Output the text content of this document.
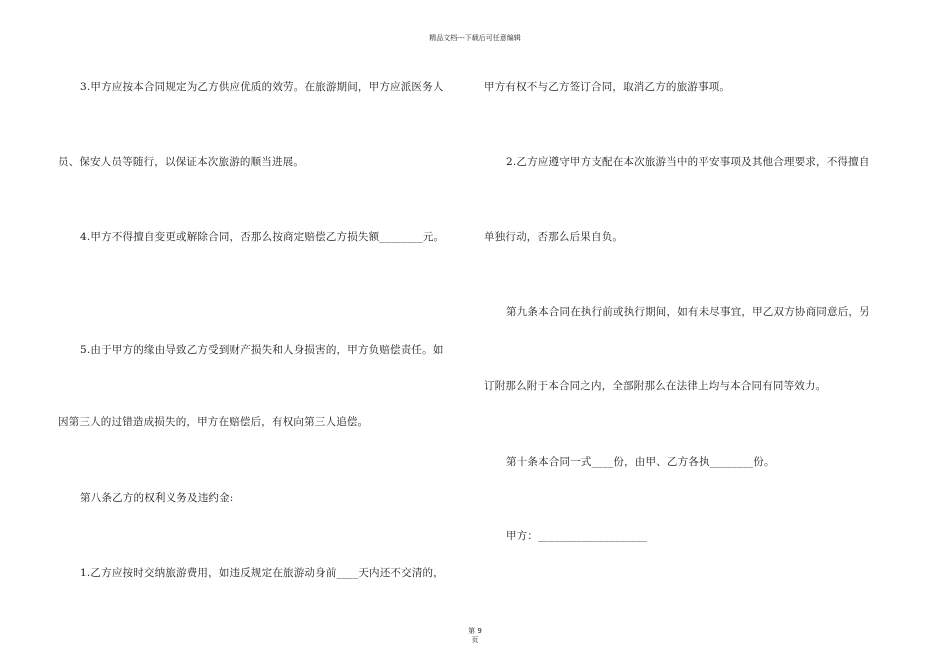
精品文档---下载后可任意编辑
3.甲方应按本合同规定为乙方供应优质的效劳。在旅游期间，甲方应派医务人
员、保安人员等随行，以保证本次旅游的顺当进展。
4.甲方不得擅自变更或解除合同，否那么按商定赔偿乙方损失额________元。
5.由于甲方的缘由导致乙方受到财产损失和人身损害的，甲方负赔偿责任。如
因第三人的过错造成损失的，甲方在赔偿后，有权向第三人追偿。
第八条乙方的权利义务及违约金:
1.乙方应按时交纳旅游费用，如违反规定在旅游动身前____天内还不交清的，
甲方有权不与乙方签订合同，取消乙方的旅游事项。
2.乙方应遵守甲方支配在本次旅游当中的平安事项及其他合理要求，不得擅自
单独行动，否那么后果自负。
第九条本合同在执行前或执行期间，如有未尽事宜，甲乙双方协商同意后，另
订附那么附于本合同之内，全部附那么在法律上均与本合同有同等效力。
第十条本合同一式____份，由甲、乙方各执________份。
甲方：____________________
第 9
页
